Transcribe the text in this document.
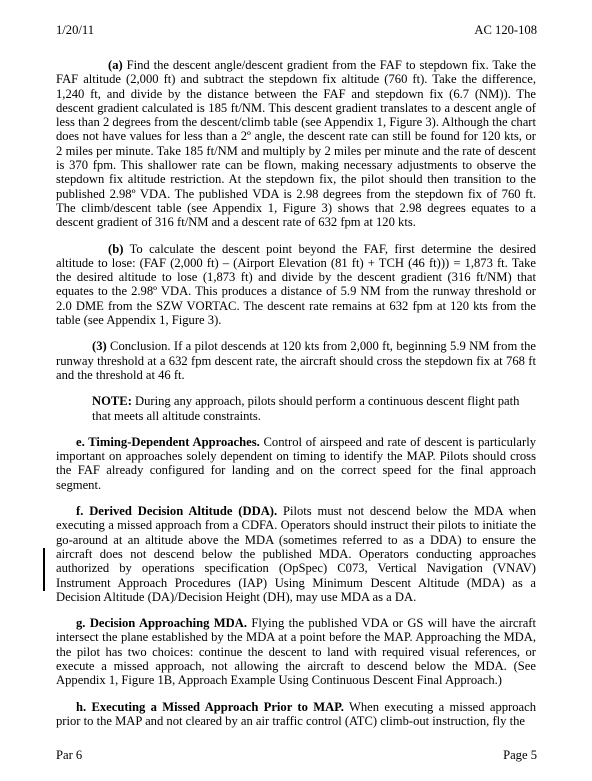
1/20/11	AC 120-108

(a) Find the descent angle/descent gradient from the FAF to stepdown fix. Take the FAF altitude (2,000 ft) and subtract the stepdown fix altitude (760 ft). Take the difference, 1,240 ft, and divide by the distance between the FAF and stepdown fix (6.7 (NM)). The descent gradient calculated is 185 ft/NM. This descent gradient translates to a descent angle of less than 2 degrees from the descent/climb table (see Appendix 1, Figure 3). Although the chart does not have values for less than a 2º angle, the descent rate can still be found for 120 kts, or 2 miles per minute. Take 185 ft/NM and multiply by 2 miles per minute and the rate of descent is 370 fpm. This shallower rate can be flown, making necessary adjustments to observe the stepdown fix altitude restriction. At the stepdown fix, the pilot should then transition to the published 2.98º VDA. The published VDA is 2.98 degrees from the stepdown fix of 760 ft. The climb/descent table (see Appendix 1, Figure 3) shows that 2.98 degrees equates to a descent gradient of 316 ft/NM and a descent rate of 632 fpm at 120 kts.

(b) To calculate the descent point beyond the FAF, first determine the desired altitude to lose: (FAF (2,000 ft) – (Airport Elevation (81 ft) + TCH (46 ft))) = 1,873 ft. Take the desired altitude to lose (1,873 ft) and divide by the descent gradient (316 ft/NM) that equates to the 2.98º VDA. This produces a distance of 5.9 NM from the runway threshold or 2.0 DME from the SZW VORTAC. The descent rate remains at 632 fpm at 120 kts from the table (see Appendix 1, Figure 3).

(3) Conclusion. If a pilot descends at 120 kts from 2,000 ft, beginning 5.9 NM from the runway threshold at a 632 fpm descent rate, the aircraft should cross the stepdown fix at 768 ft and the threshold at 46 ft.

NOTE: During any approach, pilots should perform a continuous descent flight path that meets all altitude constraints.

e. Timing-Dependent Approaches. Control of airspeed and rate of descent is particularly important on approaches solely dependent on timing to identify the MAP. Pilots should cross the FAF already configured for landing and on the correct speed for the final approach segment.

f. Derived Decision Altitude (DDA). Pilots must not descend below the MDA when executing a missed approach from a CDFA. Operators should instruct their pilots to initiate the go-around at an altitude above the MDA (sometimes referred to as a DDA) to ensure the aircraft does not descend below the published MDA. Operators conducting approaches authorized by operations specification (OpSpec) C073, Vertical Navigation (VNAV) Instrument Approach Procedures (IAP) Using Minimum Descent Altitude (MDA) as a Decision Altitude (DA)/Decision Height (DH), may use MDA as a DA.

g. Decision Approaching MDA. Flying the published VDA or GS will have the aircraft intersect the plane established by the MDA at a point before the MAP. Approaching the MDA, the pilot has two choices: continue the descent to land with required visual references, or execute a missed approach, not allowing the aircraft to descend below the MDA. (See Appendix 1, Figure 1B, Approach Example Using Continuous Descent Final Approach.)

h. Executing a Missed Approach Prior to MAP. When executing a missed approach prior to the MAP and not cleared by an air traffic control (ATC) climb-out instruction, fly the

Par 6	Page 5
